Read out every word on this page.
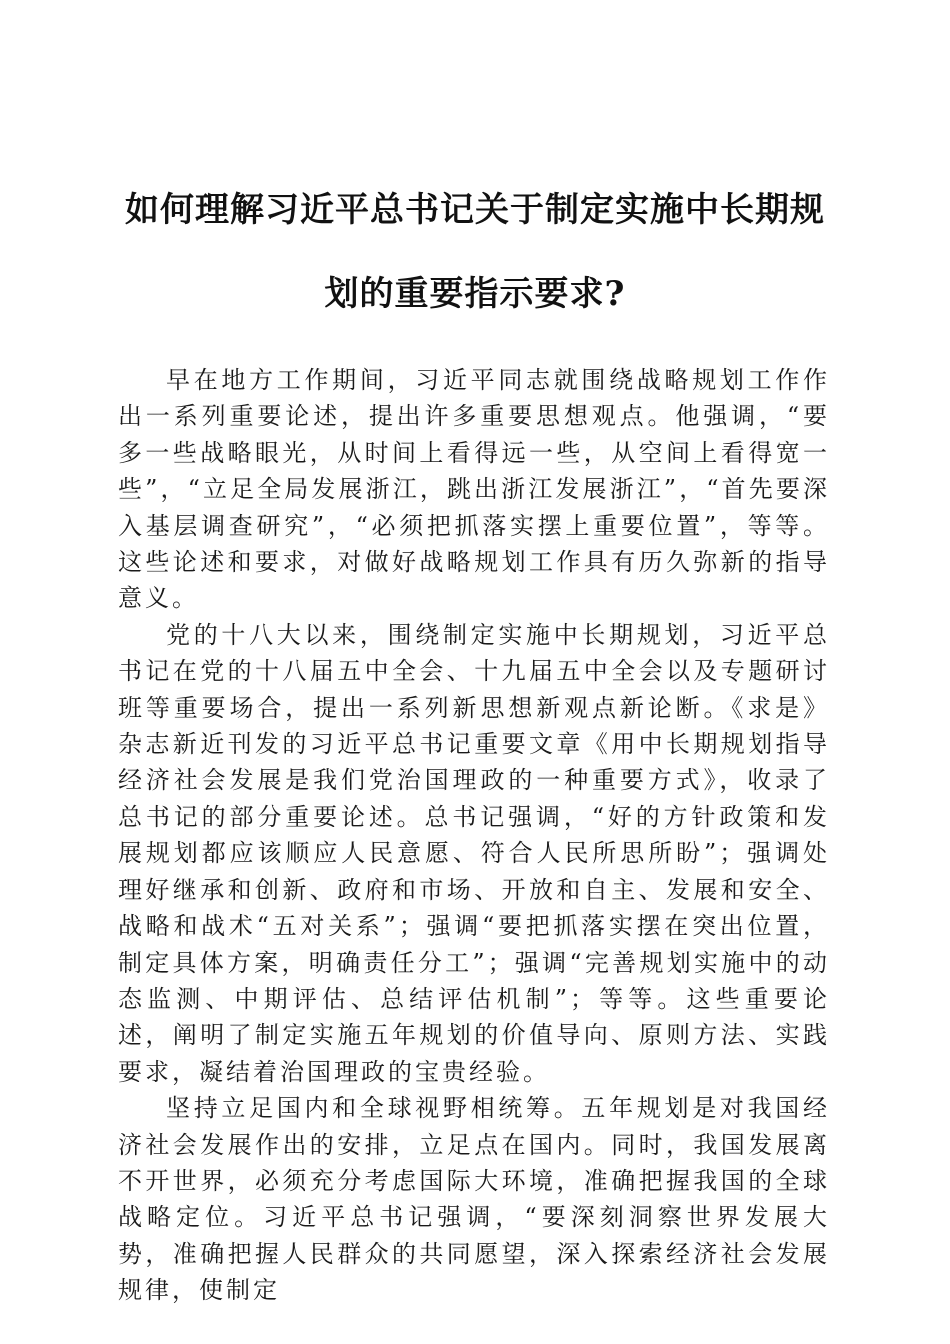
如何理解习近平总书记关于制定实施中长期规划的重要指示要求?

早在地方工作期间，习近平同志就围绕战略规划工作作出一系列重要论述，提出许多重要思想观点。他强调，“要多一些战略眼光，从时间上看得远一些，从空间上看得宽一些”，“立足全局发展浙江，跳出浙江发展浙江”，“首先要深入基层调查研究”，“必须把抓落实摆上重要位置”，等等。这些论述和要求，对做好战略规划工作具有历久弥新的指导意义。

党的十八大以来，围绕制定实施中长期规划，习近平总书记在党的十八届五中全会、十九届五中全会以及专题研讨班等重要场合，提出一系列新思想新观点新论断。《求是》杂志新近刊发的习近平总书记重要文章《用中长期规划指导经济社会发展是我们党治国理政的一种重要方式》，收录了总书记的部分重要论述。总书记强调，“好的方针政策和发展规划都应该顺应人民意愿、符合人民所思所盼”；强调处理好继承和创新、政府和市场、开放和自主、发展和安全、战略和战术“五对关系”；强调“要把抓落实摆在突出位置，制定具体方案，明确责任分工”；强调“完善规划实施中的动态监测、中期评估、总结评估机制”；等等。这些重要论述，阐明了制定实施五年规划的价值导向、原则方法、实践要求，凝结着治国理政的宝贵经验。

坚持立足国内和全球视野相统筹。五年规划是对我国经济社会发展作出的安排，立足点在国内。同时，我国发展离不开世界，必须充分考虑国际大环境，准确把握我国的全球战略定位。习近平总书记强调，“要深刻洞察世界发展大势，准确把握人民群众的共同愿望，深入探索经济社会发展规律，使制定
